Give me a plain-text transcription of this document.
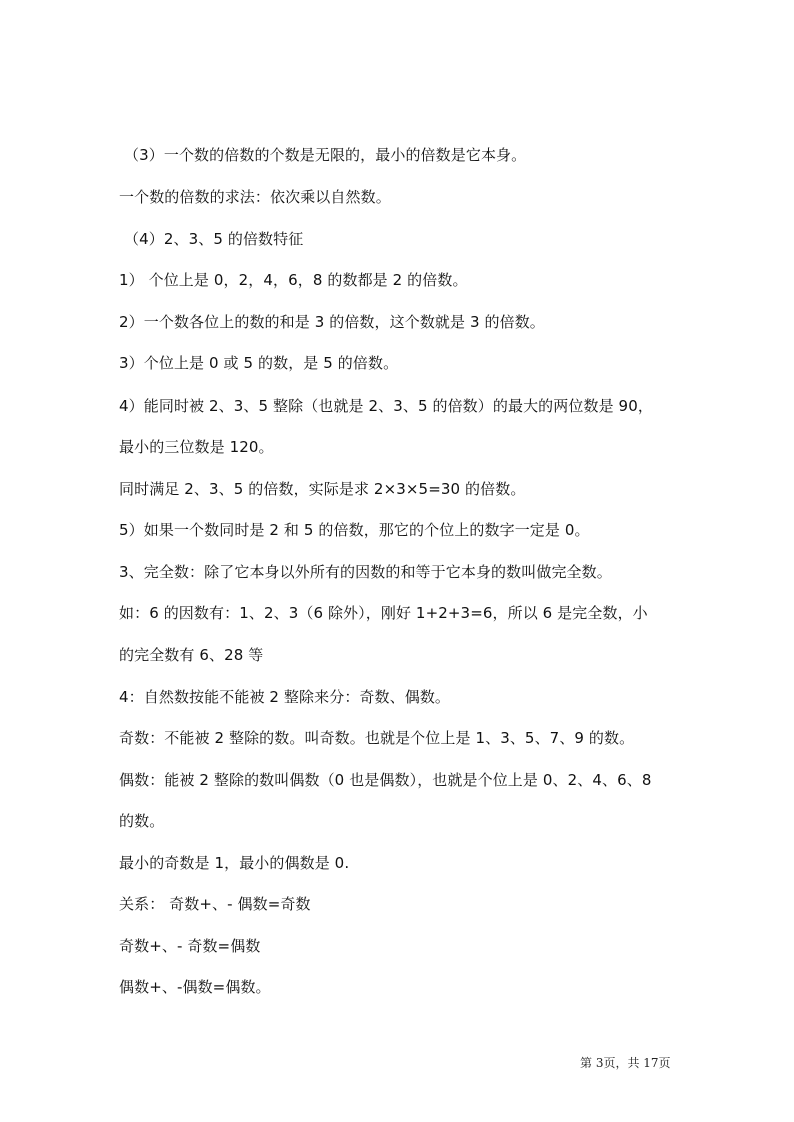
（3）一个数的倍数的个数是无限的，最小的倍数是它本身。
一个数的倍数的求法：依次乘以自然数。
（4）2、3、5 的倍数特征
1） 个位上是 0，2，4，6，8 的数都是 2 的倍数。
2）一个数各位上的数的和是 3 的倍数，这个数就是 3 的倍数。
3）个位上是 0 或 5 的数，是 5 的倍数。
4）能同时被 2、3、5 整除（也就是 2、3、5 的倍数）的最大的两位数是 90，
最小的三位数是 120。
同时满足 2、3、5 的倍数，实际是求 2×3×5=30 的倍数。
5）如果一个数同时是 2 和 5 的倍数，那它的个位上的数字一定是 0。
3、完全数：除了它本身以外所有的因数的和等于它本身的数叫做完全数。
如：6 的因数有：1、2、3（6 除外），刚好 1+2+3=6，所以 6 是完全数，小
的完全数有 6、28 等
4：自然数按能不能被 2 整除来分：奇数、偶数。
奇数：不能被 2 整除的数。叫奇数。也就是个位上是 1、3、5、7、9 的数。
偶数：能被 2 整除的数叫偶数（0 也是偶数），也就是个位上是 0、2、4、6、8
的数。
最小的奇数是 1，最小的偶数是 0.
关系： 奇数+、- 偶数=奇数
奇数+、- 奇数=偶数
偶数+、-偶数=偶数。
第 3页，共 17页
